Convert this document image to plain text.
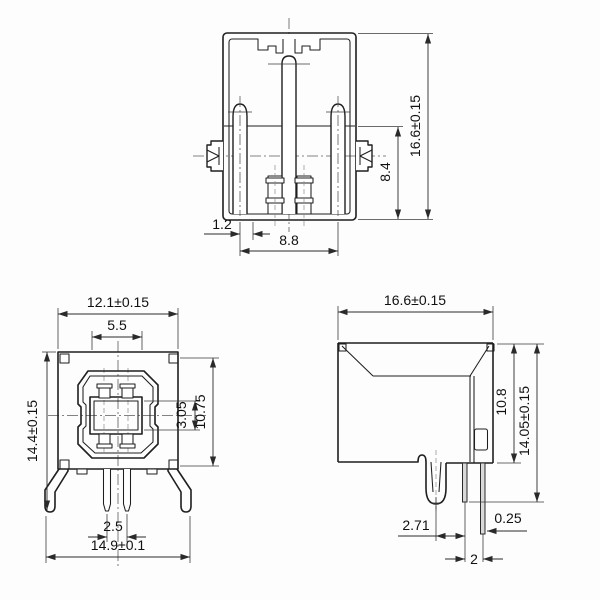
16.6±0.15
8.4
1.2
8.8
12.1±0.15
5.5
14.4±0.15	3.05 10.75
2.5
14.9±0.1
16.6±0.15
10.8 14.05±0.15
2.71	0.25
2
